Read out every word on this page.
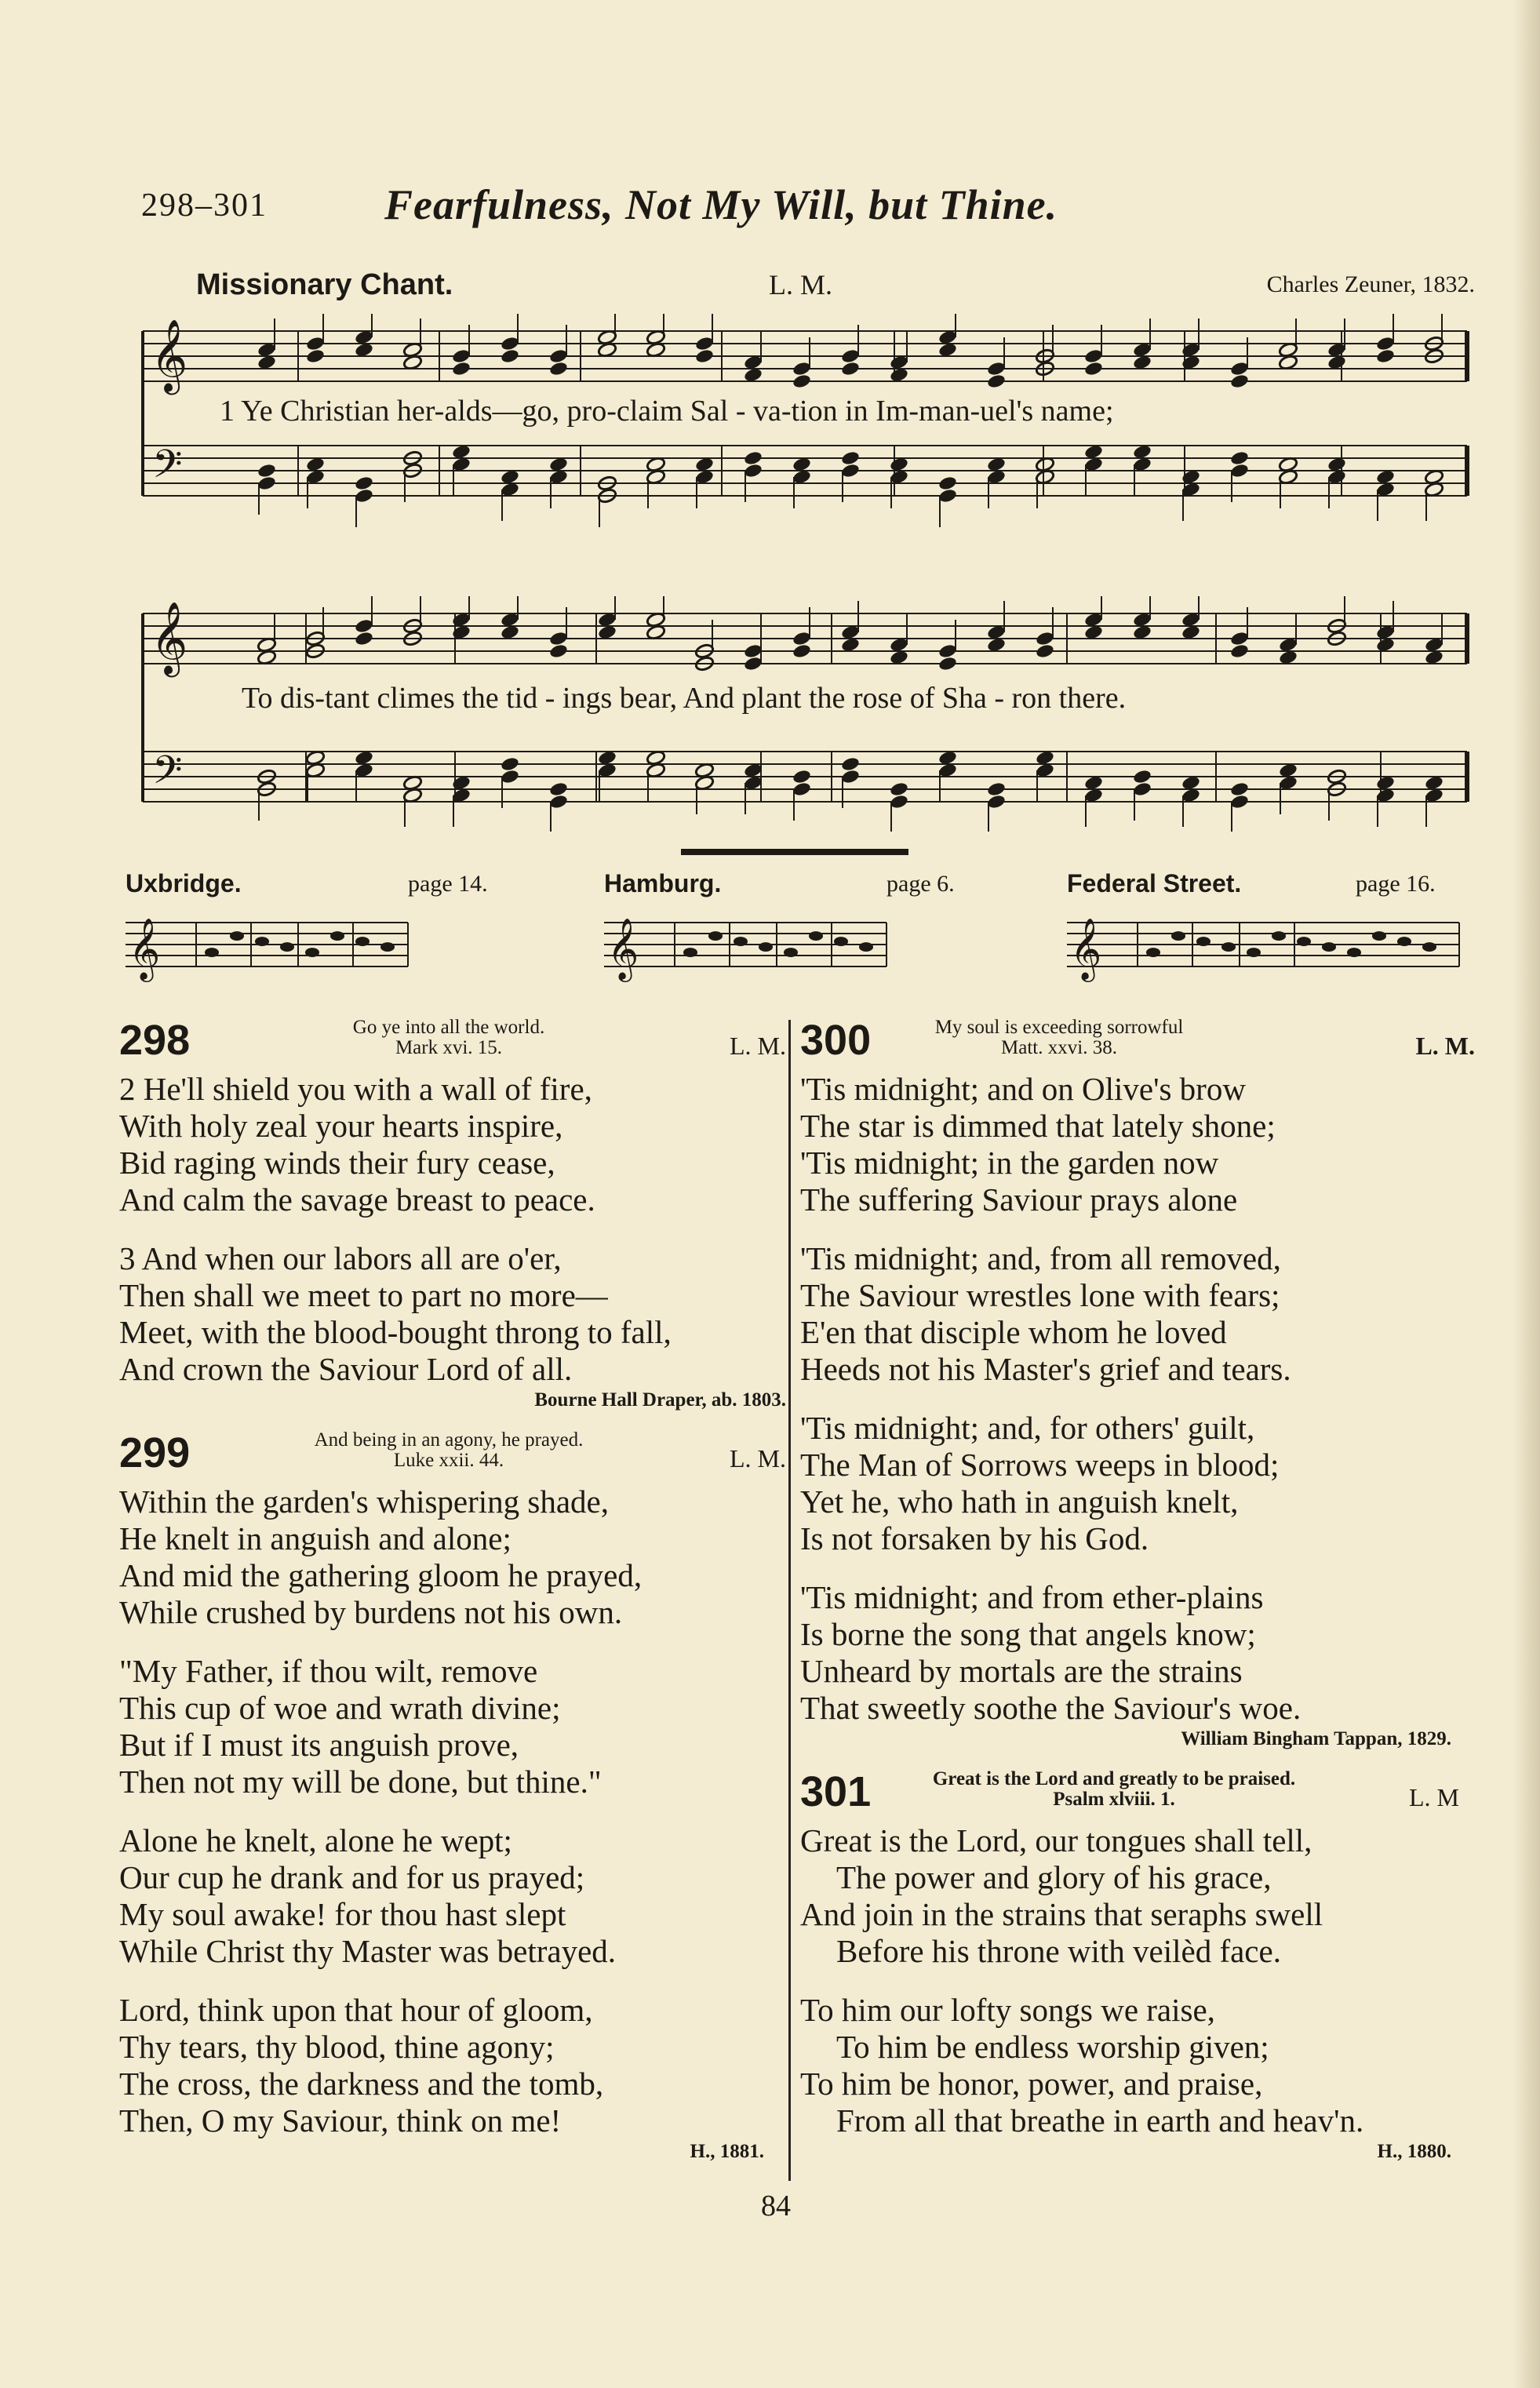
298–301	Fearfulness, Not My Will, but Thine.
Missionary Chant.	L. M.	Charles Zeuner, 1832.
𝄞
𝄢
1 Ye Christian her-alds—go, pro-claim Sal - va-tion in Im-man-uel's name;
𝄞
𝄢
To dis-tant climes the tid - ings bear, And plant the rose of Sha - ron there.
Uxbridge.	page 14.
𝄞
Hamburg.	page 6.
𝄞
Federal Street.	page 16.
𝄞
298	Go ye into all the world.
Mark xvi. 15.	L. M.
2 He'll shield you with a wall of fire,
With holy zeal your hearts inspire,
Bid raging winds their fury cease,
And calm the savage breast to peace.
3 And when our labors all are o'er,
Then shall we meet to part no more—
Meet, with the blood-bought throng to fall,
And crown the Saviour Lord of all.
Bourne Hall Draper, ab. 1803.
299	And being in an agony, he prayed.
Luke xxii. 44.	L. M.
Within the garden's whispering shade,
He knelt in anguish and alone;
And mid the gathering gloom he prayed,
While crushed by burdens not his own.
"My Father, if thou wilt, remove
This cup of woe and wrath divine;
But if I must its anguish prove,
Then not my will be done, but thine."
Alone he knelt, alone he wept;
Our cup he drank and for us prayed;
My soul awake! for thou hast slept
While Christ thy Master was betrayed.
Lord, think upon that hour of gloom,
Thy tears, thy blood, thine agony;
The cross, the darkness and the tomb,
Then, O my Saviour, think on me!
H., 1881.
300	My soul is exceeding sorrowful
Matt. xxvi. 38.	L. M.
'Tis midnight; and on Olive's brow
The star is dimmed that lately shone;
'Tis midnight; in the garden now
The suffering Saviour prays alone
'Tis midnight; and, from all removed,
The Saviour wrestles lone with fears;
E'en that disciple whom he loved
Heeds not his Master's grief and tears.
'Tis midnight; and, for others' guilt,
The Man of Sorrows weeps in blood;
Yet he, who hath in anguish knelt,
Is not forsaken by his God.
'Tis midnight; and from ether-plains
Is borne the song that angels know;
Unheard by mortals are the strains
That sweetly soothe the Saviour's woe.
William Bingham Tappan, 1829.
301	Great is the Lord and greatly to be praised.
Psalm xlviii. 1.	L. M
Great is the Lord, our tongues shall tell,
The power and glory of his grace,
And join in the strains that seraphs swell
Before his throne with veilèd face.
To him our lofty songs we raise,
To him be endless worship given;
To him be honor, power, and praise,
From all that breathe in earth and heav'n.
H., 1880.
84
